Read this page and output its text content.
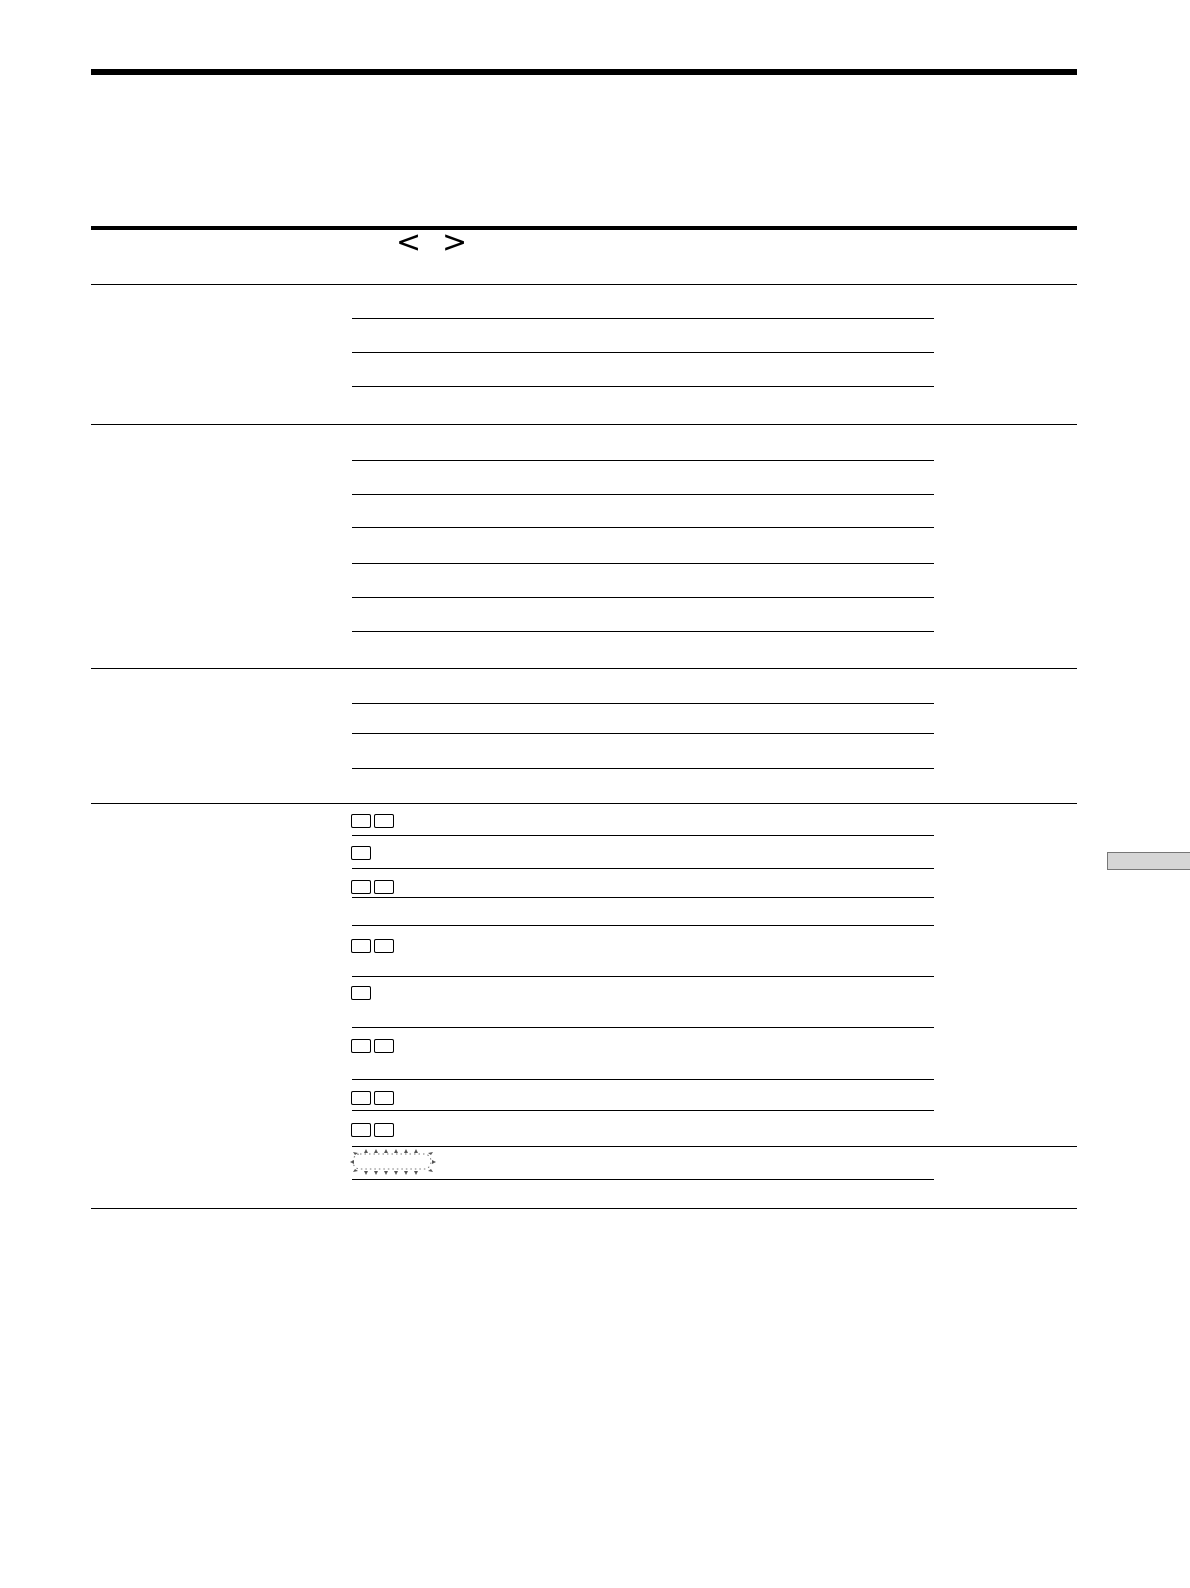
< >
